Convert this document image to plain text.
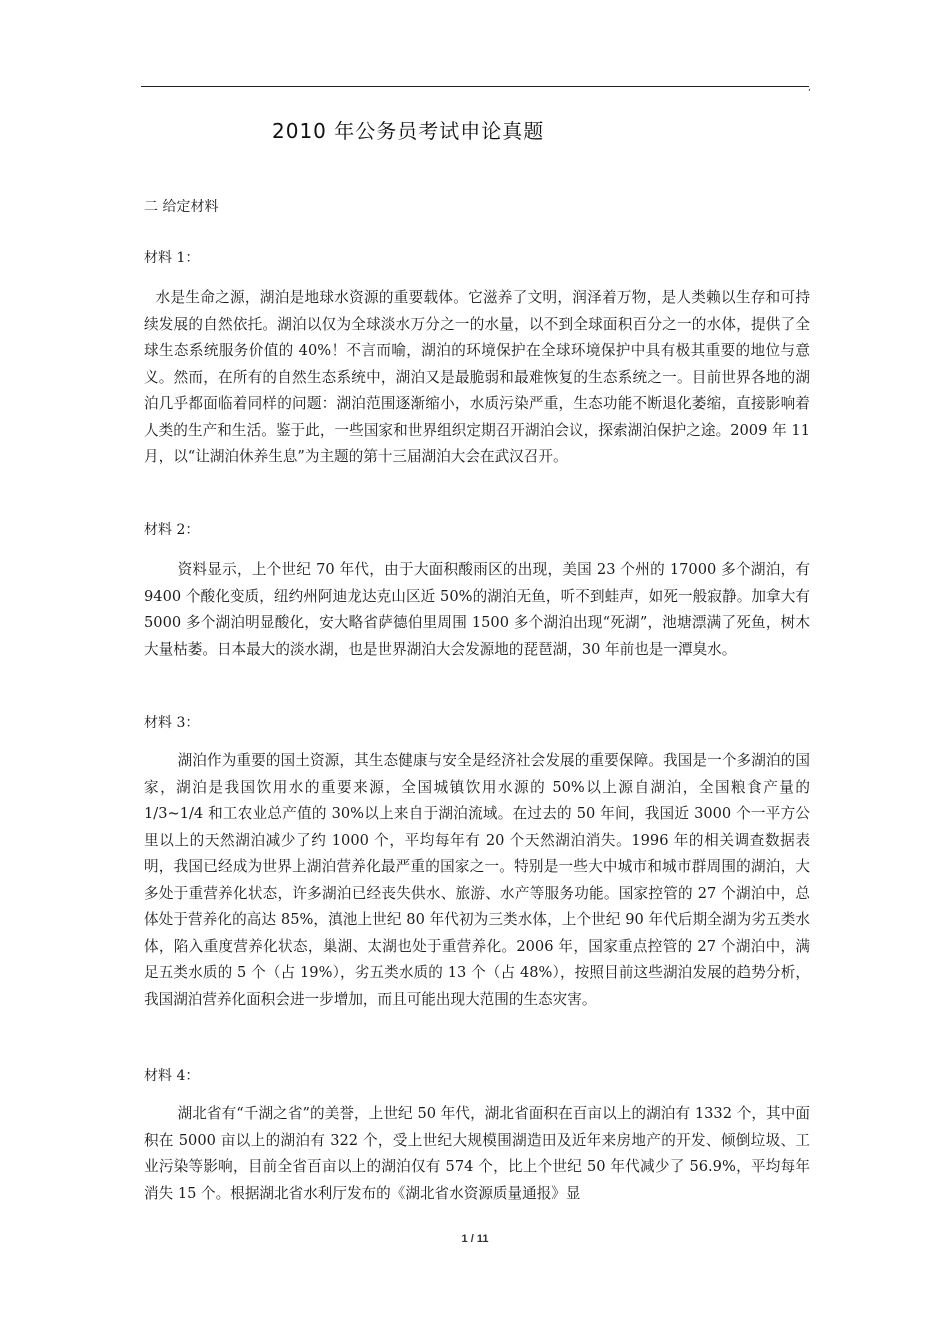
,
2010 年公务员考试申论真题

二 给定材料

材料 1：

水是生命之源，湖泊是地球水资源的重要载体。它滋养了文明，润泽着万物，是人类赖以生存和可持续发展的自然依托。湖泊以仅为全球淡水万分之一的水量，以不到全球面积百分之一的水体，提供了全球生态系统服务价值的 40%！不言而喻，湖泊的环境保护在全球环境保护中具有极其重要的地位与意义。然而，在所有的自然生态系统中，湖泊又是最脆弱和最难恢复的生态系统之一。目前世界各地的湖泊几乎都面临着同样的问题：湖泊范围逐渐缩小，水质污染严重，生态功能不断退化萎缩，直接影响着人类的生产和生活。鉴于此，一些国家和世界组织定期召开湖泊会议，探索湖泊保护之途。2009 年 11 月，以“让湖泊休养生息”为主题的第十三届湖泊大会在武汉召开。

材料 2：

资料显示，上个世纪 70 年代，由于大面积酸雨区的出现，美国 23 个州的 17000 多个湖泊，有 9400 个酸化变质，纽约州阿迪龙达克山区近 50%的湖泊无鱼，听不到蛙声，如死一般寂静。加拿大有 5000 多个湖泊明显酸化，安大略省萨德伯里周围 1500 多个湖泊出现“死湖”，池塘漂满了死鱼，树木大量枯萎。日本最大的淡水湖，也是世界湖泊大会发源地的琵琶湖，30 年前也是一潭臭水。

材料 3：

湖泊作为重要的国土资源，其生态健康与安全是经济社会发展的重要保障。我国是一个多湖泊的国家，湖泊是我国饮用水的重要来源，全国城镇饮用水源的 50%以上源自湖泊，全国粮食产量的 1/3~1/4 和工农业总产值的 30%以上来自于湖泊流域。在过去的 50 年间，我国近 3000 个一平方公里以上的天然湖泊减少了约 1000 个，平均每年有 20 个天然湖泊消失。1996 年的相关调查数据表明，我国已经成为世界上湖泊营养化最严重的国家之一。特别是一些大中城市和城市群周围的湖泊，大多处于重营养化状态，许多湖泊已经丧失供水、旅游、水产等服务功能。国家控管的 27 个湖泊中，总体处于营养化的高达 85%，滇池上世纪 80 年代初为三类水体，上个世纪 90 年代后期全湖为劣五类水体，陷入重度营养化状态，巢湖、太湖也处于重营养化。2006 年，国家重点控管的 27 个湖泊中，满足五类水质的 5 个（占 19%），劣五类水质的 13 个（占 48%），按照目前这些湖泊发展的趋势分析，我国湖泊营养化面积会进一步增加，而且可能出现大范围的生态灾害。

材料 4：

湖北省有“千湖之省”的美誉，上世纪 50 年代，湖北省面积在百亩以上的湖泊有 1332 个，其中面积在 5000 亩以上的湖泊有 322 个，受上世纪大规模围湖造田及近年来房地产的开发、倾倒垃圾、工业污染等影响，目前全省百亩以上的湖泊仅有 574 个，比上个世纪 50 年代减少了 56.9%，平均每年消失 15 个。根据湖北省水利厅发布的《湖北省水资源质量通报》显

1 / 11
